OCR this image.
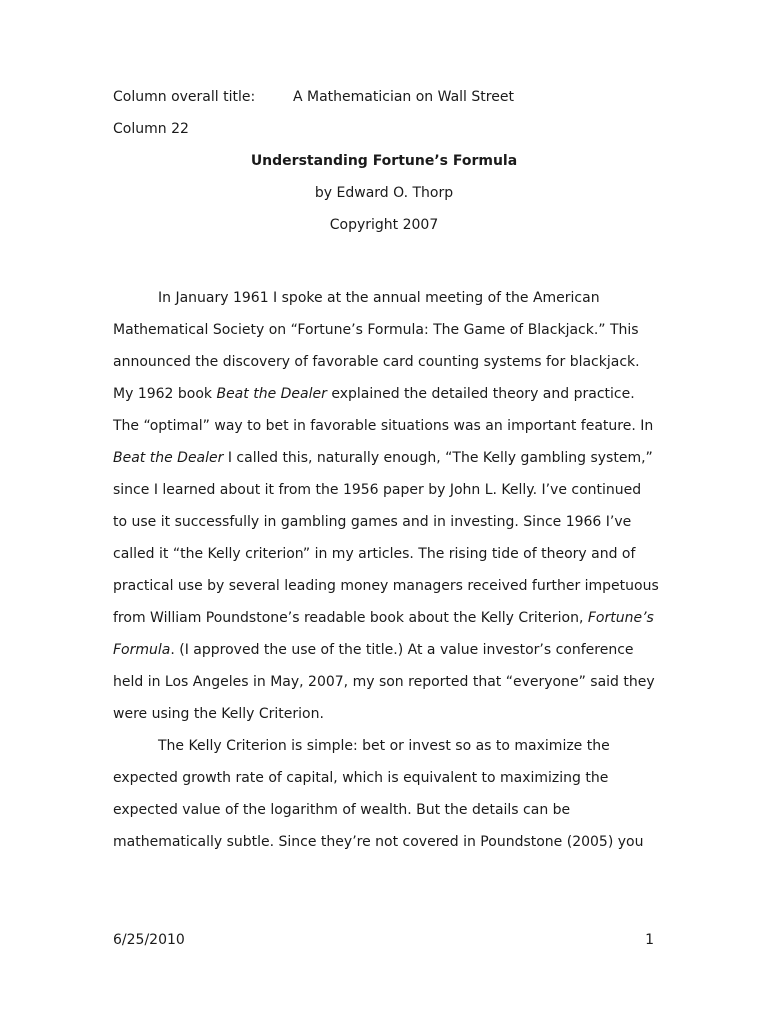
Column overall title:	A Mathematician on Wall Street
Column 22
Understanding Fortune’s Formula
by Edward O. Thorp
Copyright 2007
In January 1961 I spoke at the annual meeting of the American
Mathematical Society on “Fortune’s Formula: The Game of Blackjack.” This
announced the discovery of favorable card counting systems for blackjack.
My 1962 book Beat the Dealer explained the detailed theory and practice.
The “optimal” way to bet in favorable situations was an important feature. In
Beat the Dealer I called this, naturally enough, “The Kelly gambling system,”
since I learned about it from the 1956 paper by John L. Kelly. I’ve continued
to use it successfully in gambling games and in investing. Since 1966 I’ve
called it “the Kelly criterion” in my articles. The rising tide of theory and of
practical use by several leading money managers received further impetuous
from William Poundstone’s readable book about the Kelly Criterion, Fortune’s
Formula. (I approved the use of the title.) At a value investor’s conference
held in Los Angeles in May, 2007, my son reported that “everyone” said they
were using the Kelly Criterion.
The Kelly Criterion is simple: bet or invest so as to maximize the
expected growth rate of capital, which is equivalent to maximizing the
expected value of the logarithm of wealth. But the details can be
mathematically subtle. Since they’re not covered in Poundstone (2005) you
6/25/2010	1
